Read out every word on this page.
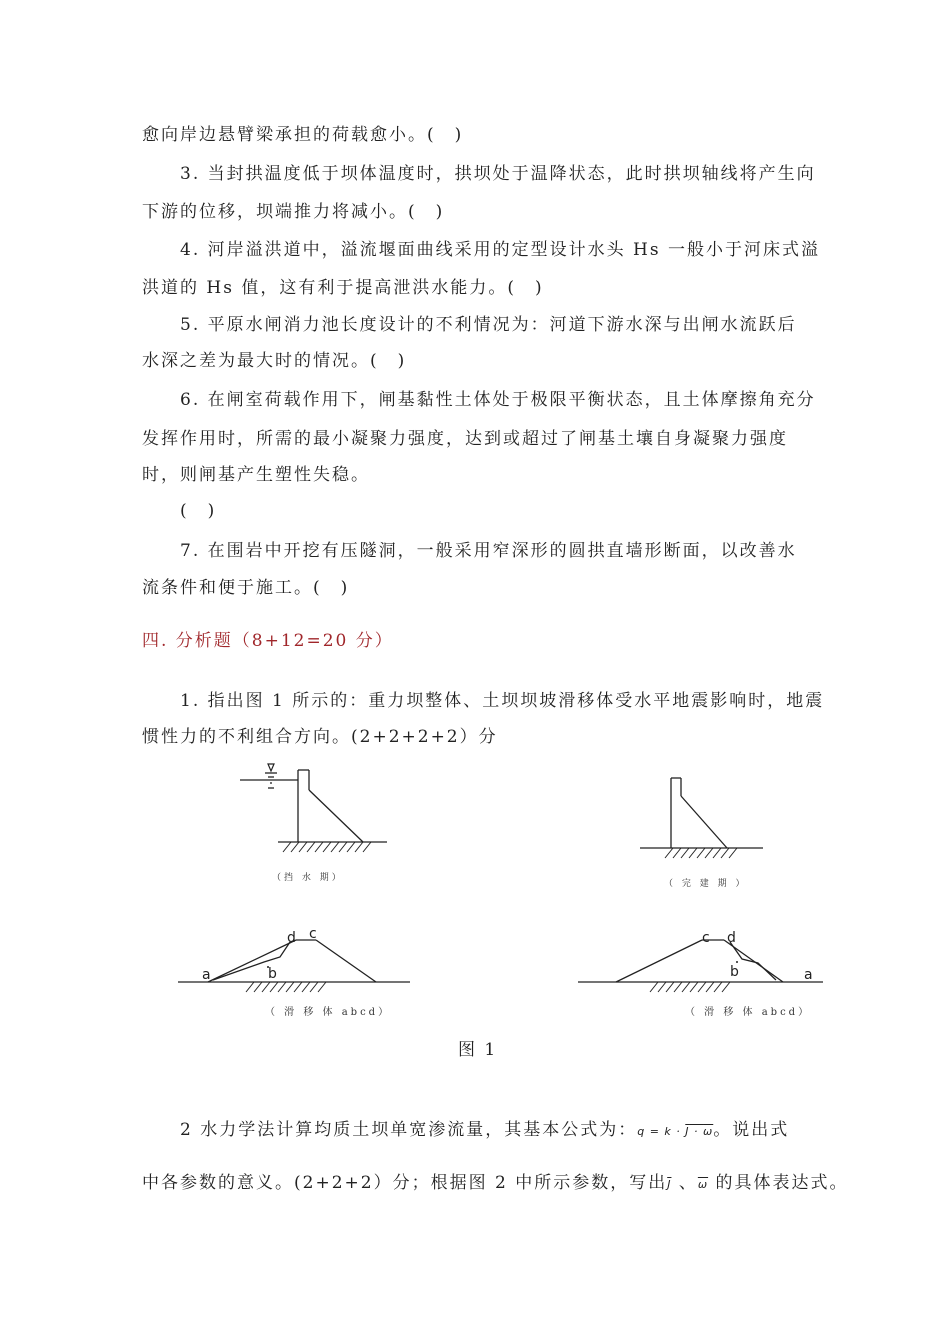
愈向岸边悬臂梁承担的荷载愈小。(　)
3. 当封拱温度低于坝体温度时，拱坝处于温降状态，此时拱坝轴线将产生向
下游的位移，坝端推力将减小。(　)
4. 河岸溢洪道中，溢流堰面曲线采用的定型设计水头 Hs 一般小于河床式溢
洪道的 Hs 值，这有利于提高泄洪水能力。(　)
5. 平原水闸消力池长度设计的不利情况为：河道下游水深与出闸水流跃后
水深之差为最大时的情况。(　)
6. 在闸室荷载作用下，闸基黏性土体处于极限平衡状态，且土体摩擦角充分
发挥作用时，所需的最小凝聚力强度，达到或超过了闸基土壤自身凝聚力强度
时，则闸基产生塑性失稳。
(　)
7. 在围岩中开挖有压隧洞，一般采用窄深形的圆拱直墙形断面，以改善水
流条件和便于施工。(　)
四. 分析题（8+12=20 分）
1. 指出图 1 所示的：重力坝整体、土坝坝坡滑移体受水平地震影响时，地震
惯性力的不利组合方向。(2+2+2+2）分
（挡 水 期）
（ 完 建 期 ）
a	b
c
d
（ 滑 移 体 abcd）
a
b
c d
（ 滑 移 体 abcd）
图 1
2 水力学法计算均质土坝单宽渗流量，其基本公式为：q = k · J · ω。说出式
中各参数的意义。(2+2+2）分；根据图 2 中所示参数，写出$\overline{J}$ 、$\overline{\omega}$ 的具体表达式。
